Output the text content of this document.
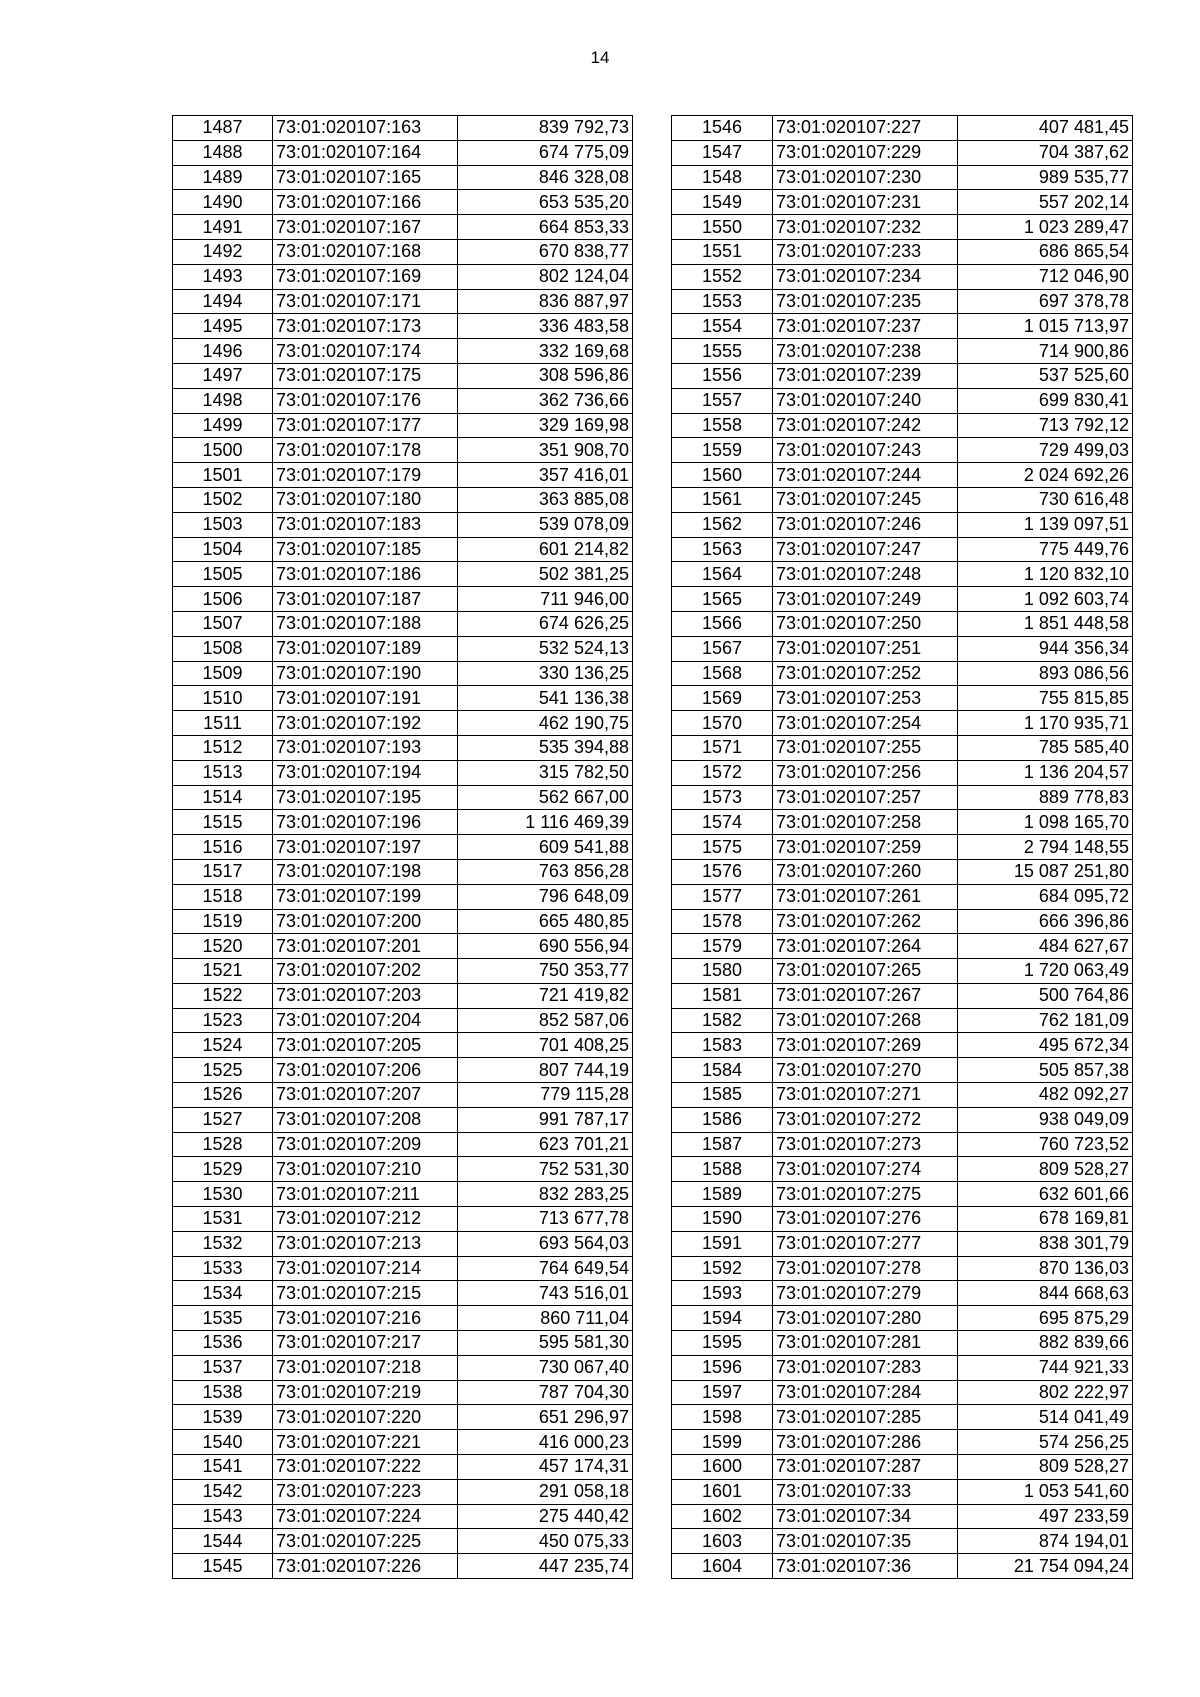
14
1487	73:01:020107:163	839 792,73
1488	73:01:020107:164	674 775,09
1489	73:01:020107:165	846 328,08
1490	73:01:020107:166	653 535,20
1491	73:01:020107:167	664 853,33
1492	73:01:020107:168	670 838,77
1493	73:01:020107:169	802 124,04
1494	73:01:020107:171	836 887,97
1495	73:01:020107:173	336 483,58
1496	73:01:020107:174	332 169,68
1497	73:01:020107:175	308 596,86
1498	73:01:020107:176	362 736,66
1499	73:01:020107:177	329 169,98
1500	73:01:020107:178	351 908,70
1501	73:01:020107:179	357 416,01
1502	73:01:020107:180	363 885,08
1503	73:01:020107:183	539 078,09
1504	73:01:020107:185	601 214,82
1505	73:01:020107:186	502 381,25
1506	73:01:020107:187	711 946,00
1507	73:01:020107:188	674 626,25
1508	73:01:020107:189	532 524,13
1509	73:01:020107:190	330 136,25
1510	73:01:020107:191	541 136,38
1511	73:01:020107:192	462 190,75
1512	73:01:020107:193	535 394,88
1513	73:01:020107:194	315 782,50
1514	73:01:020107:195	562 667,00
1515	73:01:020107:196	1 116 469,39
1516	73:01:020107:197	609 541,88
1517	73:01:020107:198	763 856,28
1518	73:01:020107:199	796 648,09
1519	73:01:020107:200	665 480,85
1520	73:01:020107:201	690 556,94
1521	73:01:020107:202	750 353,77
1522	73:01:020107:203	721 419,82
1523	73:01:020107:204	852 587,06
1524	73:01:020107:205	701 408,25
1525	73:01:020107:206	807 744,19
1526	73:01:020107:207	779 115,28
1527	73:01:020107:208	991 787,17
1528	73:01:020107:209	623 701,21
1529	73:01:020107:210	752 531,30
1530	73:01:020107:211	832 283,25
1531	73:01:020107:212	713 677,78
1532	73:01:020107:213	693 564,03
1533	73:01:020107:214	764 649,54
1534	73:01:020107:215	743 516,01
1535	73:01:020107:216	860 711,04
1536	73:01:020107:217	595 581,30
1537	73:01:020107:218	730 067,40
1538	73:01:020107:219	787 704,30
1539	73:01:020107:220	651 296,97
1540	73:01:020107:221	416 000,23
1541	73:01:020107:222	457 174,31
1542	73:01:020107:223	291 058,18
1543	73:01:020107:224	275 440,42
1544	73:01:020107:225	450 075,33
1545	73:01:020107:226	447 235,74
1546	73:01:020107:227	407 481,45
1547	73:01:020107:229	704 387,62
1548	73:01:020107:230	989 535,77
1549	73:01:020107:231	557 202,14
1550	73:01:020107:232	1 023 289,47
1551	73:01:020107:233	686 865,54
1552	73:01:020107:234	712 046,90
1553	73:01:020107:235	697 378,78
1554	73:01:020107:237	1 015 713,97
1555	73:01:020107:238	714 900,86
1556	73:01:020107:239	537 525,60
1557	73:01:020107:240	699 830,41
1558	73:01:020107:242	713 792,12
1559	73:01:020107:243	729 499,03
1560	73:01:020107:244	2 024 692,26
1561	73:01:020107:245	730 616,48
1562	73:01:020107:246	1 139 097,51
1563	73:01:020107:247	775 449,76
1564	73:01:020107:248	1 120 832,10
1565	73:01:020107:249	1 092 603,74
1566	73:01:020107:250	1 851 448,58
1567	73:01:020107:251	944 356,34
1568	73:01:020107:252	893 086,56
1569	73:01:020107:253	755 815,85
1570	73:01:020107:254	1 170 935,71
1571	73:01:020107:255	785 585,40
1572	73:01:020107:256	1 136 204,57
1573	73:01:020107:257	889 778,83
1574	73:01:020107:258	1 098 165,70
1575	73:01:020107:259	2 794 148,55
1576	73:01:020107:260	15 087 251,80
1577	73:01:020107:261	684 095,72
1578	73:01:020107:262	666 396,86
1579	73:01:020107:264	484 627,67
1580	73:01:020107:265	1 720 063,49
1581	73:01:020107:267	500 764,86
1582	73:01:020107:268	762 181,09
1583	73:01:020107:269	495 672,34
1584	73:01:020107:270	505 857,38
1585	73:01:020107:271	482 092,27
1586	73:01:020107:272	938 049,09
1587	73:01:020107:273	760 723,52
1588	73:01:020107:274	809 528,27
1589	73:01:020107:275	632 601,66
1590	73:01:020107:276	678 169,81
1591	73:01:020107:277	838 301,79
1592	73:01:020107:278	870 136,03
1593	73:01:020107:279	844 668,63
1594	73:01:020107:280	695 875,29
1595	73:01:020107:281	882 839,66
1596	73:01:020107:283	744 921,33
1597	73:01:020107:284	802 222,97
1598	73:01:020107:285	514 041,49
1599	73:01:020107:286	574 256,25
1600	73:01:020107:287	809 528,27
1601	73:01:020107:33	1 053 541,60
1602	73:01:020107:34	497 233,59
1603	73:01:020107:35	874 194,01
1604	73:01:020107:36	21 754 094,24
